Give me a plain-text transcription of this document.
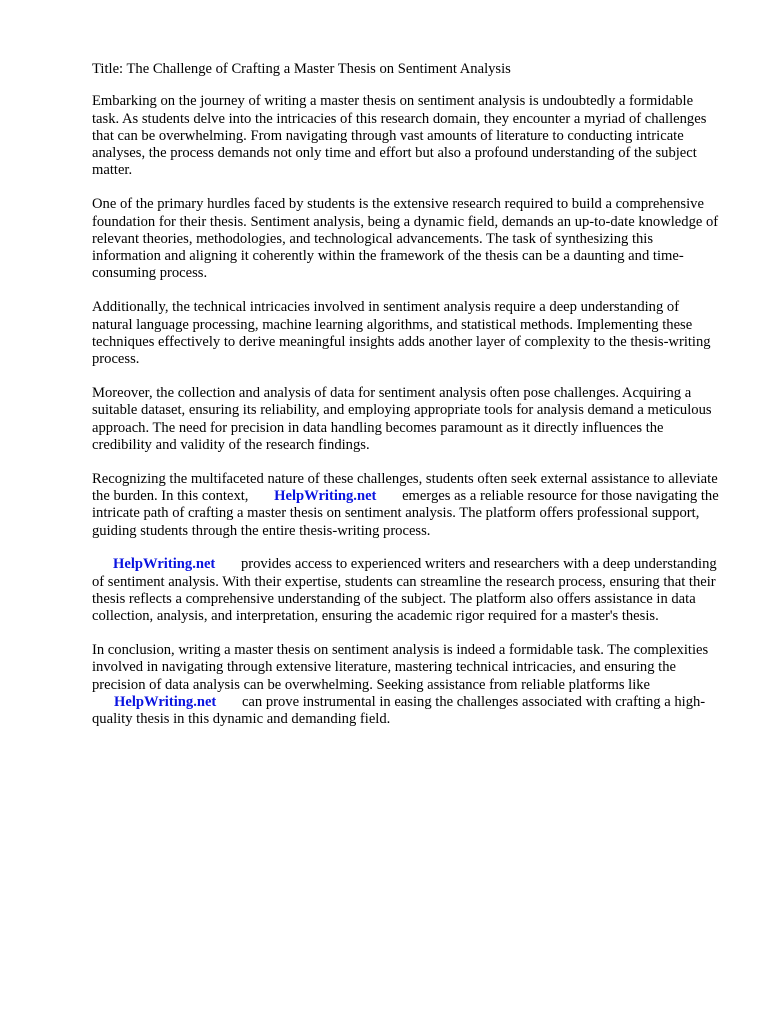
Title: The Challenge of Crafting a Master Thesis on Sentiment Analysis

Embarking on the journey of writing a master thesis on sentiment analysis is undoubtedly a formidable task. As students delve into the intricacies of this research domain, they encounter a myriad of challenges that can be overwhelming. From navigating through vast amounts of literature to conducting intricate analyses, the process demands not only time and effort but also a profound understanding of the subject matter.

One of the primary hurdles faced by students is the extensive research required to build a comprehensive foundation for their thesis. Sentiment analysis, being a dynamic field, demands an up-to-date knowledge of relevant theories, methodologies, and technological advancements. The task of synthesizing this information and aligning it coherently within the framework of the thesis can be a daunting and time-consuming process.

Additionally, the technical intricacies involved in sentiment analysis require a deep understanding of natural language processing, machine learning algorithms, and statistical methods. Implementing these techniques effectively to derive meaningful insights adds another layer of complexity to the thesis-writing process.

Moreover, the collection and analysis of data for sentiment analysis often pose challenges. Acquiring a suitable dataset, ensuring its reliability, and employing appropriate tools for analysis demand a meticulous approach. The need for precision in data handling becomes paramount as it directly influences the credibility and validity of the research findings.

Recognizing the multifaceted nature of these challenges, students often seek external assistance to alleviate the burden. In this context, HelpWriting.net emerges as a reliable resource for those navigating the intricate path of crafting a master thesis on sentiment analysis. The platform offers professional support, guiding students through the entire thesis-writing process.

HelpWriting.net provides access to experienced writers and researchers with a deep understanding of sentiment analysis. With their expertise, students can streamline the research process, ensuring that their thesis reflects a comprehensive understanding of the subject. The platform also offers assistance in data collection, analysis, and interpretation, ensuring the academic rigor required for a master's thesis.

In conclusion, writing a master thesis on sentiment analysis is indeed a formidable task. The complexities involved in navigating through extensive literature, mastering technical intricacies, and ensuring the precision of data analysis can be overwhelming. Seeking assistance from reliable platforms like HelpWriting.net can prove instrumental in easing the challenges associated with crafting a high-quality thesis in this dynamic and demanding field.
